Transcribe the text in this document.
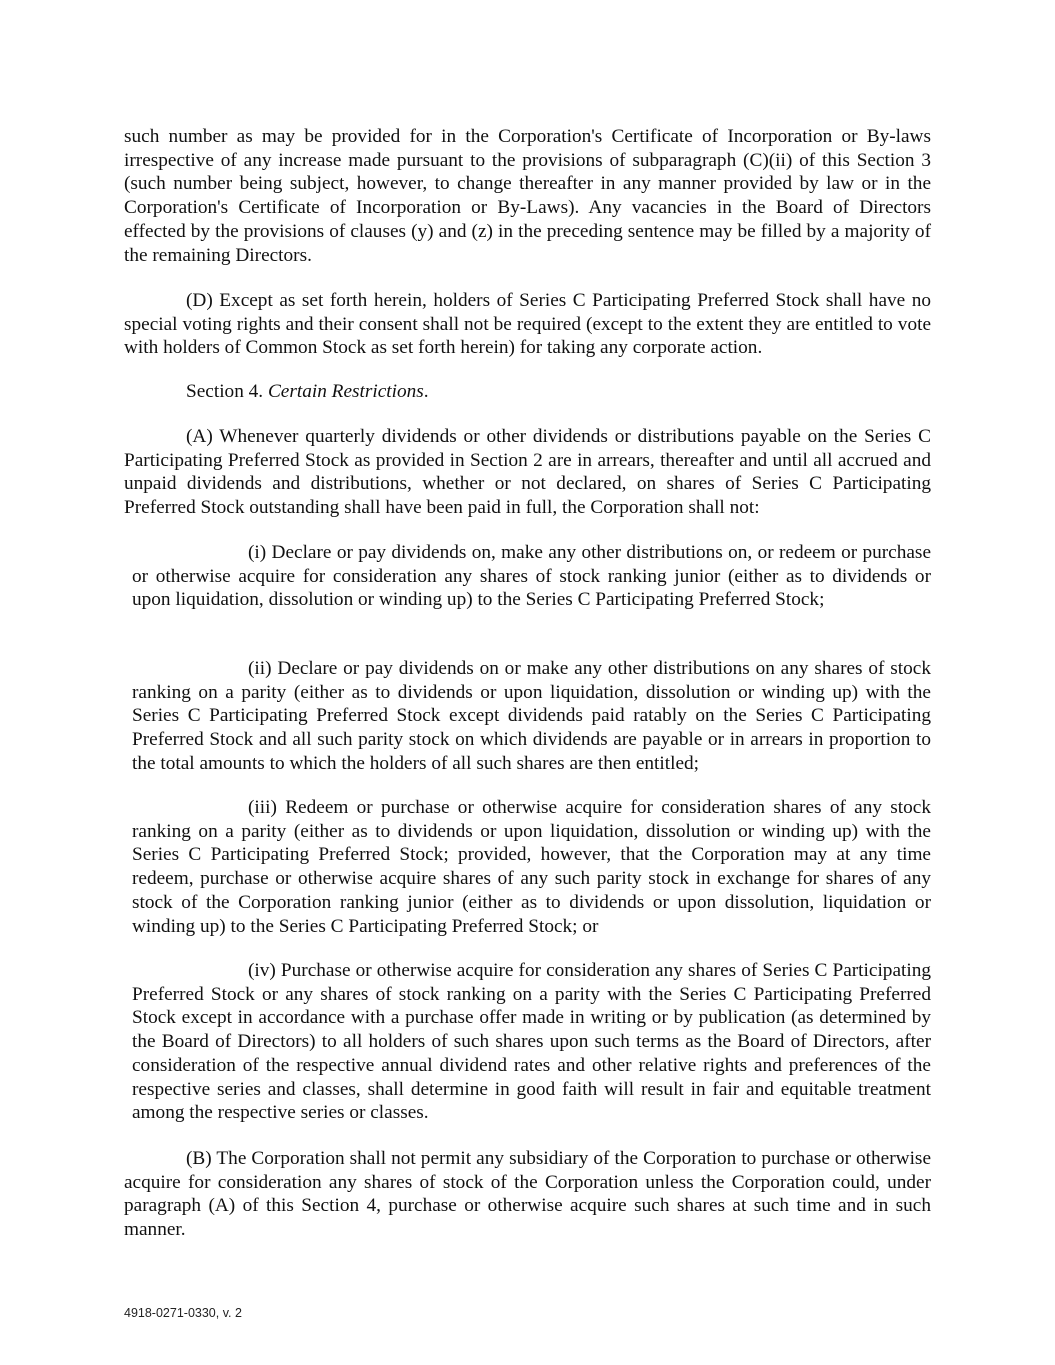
such number as may be provided for in the Corporation's Certificate of Incorporation or By-laws irrespective of any increase made pursuant to the provisions of subparagraph (C)(ii) of this Section 3 (such number being subject, however, to change thereafter in any manner provided by law or in the Corporation's Certificate of Incorporation or By-Laws). Any vacancies in the Board of Directors effected by the provisions of clauses (y) and (z) in the preceding sentence may be filled by a majority of the remaining Directors.

(D) Except as set forth herein, holders of Series C Participating Preferred Stock shall have no special voting rights and their consent shall not be required (except to the extent they are entitled to vote with holders of Common Stock as set forth herein) for taking any corporate action.

Section 4. Certain Restrictions.

(A) Whenever quarterly dividends or other dividends or distributions payable on the Series C Participating Preferred Stock as provided in Section 2 are in arrears, thereafter and until all accrued and unpaid dividends and distributions, whether or not declared, on shares of Series C Participating Preferred Stock outstanding shall have been paid in full, the Corporation shall not:

(i) Declare or pay dividends on, make any other distributions on, or redeem or purchase or otherwise acquire for consideration any shares of stock ranking junior (either as to dividends or upon liquidation, dissolution or winding up) to the Series C Participating Preferred Stock;

(ii) Declare or pay dividends on or make any other distributions on any shares of stock ranking on a parity (either as to dividends or upon liquidation, dissolution or winding up) with the Series C Participating Preferred Stock except dividends paid ratably on the Series C Participating Preferred Stock and all such parity stock on which dividends are payable or in arrears in proportion to the total amounts to which the holders of all such shares are then entitled;

(iii) Redeem or purchase or otherwise acquire for consideration shares of any stock ranking on a parity (either as to dividends or upon liquidation, dissolution or winding up) with the Series C Participating Preferred Stock; provided, however, that the Corporation may at any time redeem, purchase or otherwise acquire shares of any such parity stock in exchange for shares of any stock of the Corporation ranking junior (either as to dividends or upon dissolution, liquidation or winding up) to the Series C Participating Preferred Stock; or

(iv) Purchase or otherwise acquire for consideration any shares of Series C Participating Preferred Stock or any shares of stock ranking on a parity with the Series C Participating Preferred Stock except in accordance with a purchase offer made in writing or by publication (as determined by the Board of Directors) to all holders of such shares upon such terms as the Board of Directors, after consideration of the respective annual dividend rates and other relative rights and preferences of the respective series and classes, shall determine in good faith will result in fair and equitable treatment among the respective series or classes.

(B) The Corporation shall not permit any subsidiary of the Corporation to purchase or otherwise acquire for consideration any shares of stock of the Corporation unless the Corporation could, under paragraph (A) of this Section 4, purchase or otherwise acquire such shares at such time and in such manner.

4918-0271-0330, v. 2
